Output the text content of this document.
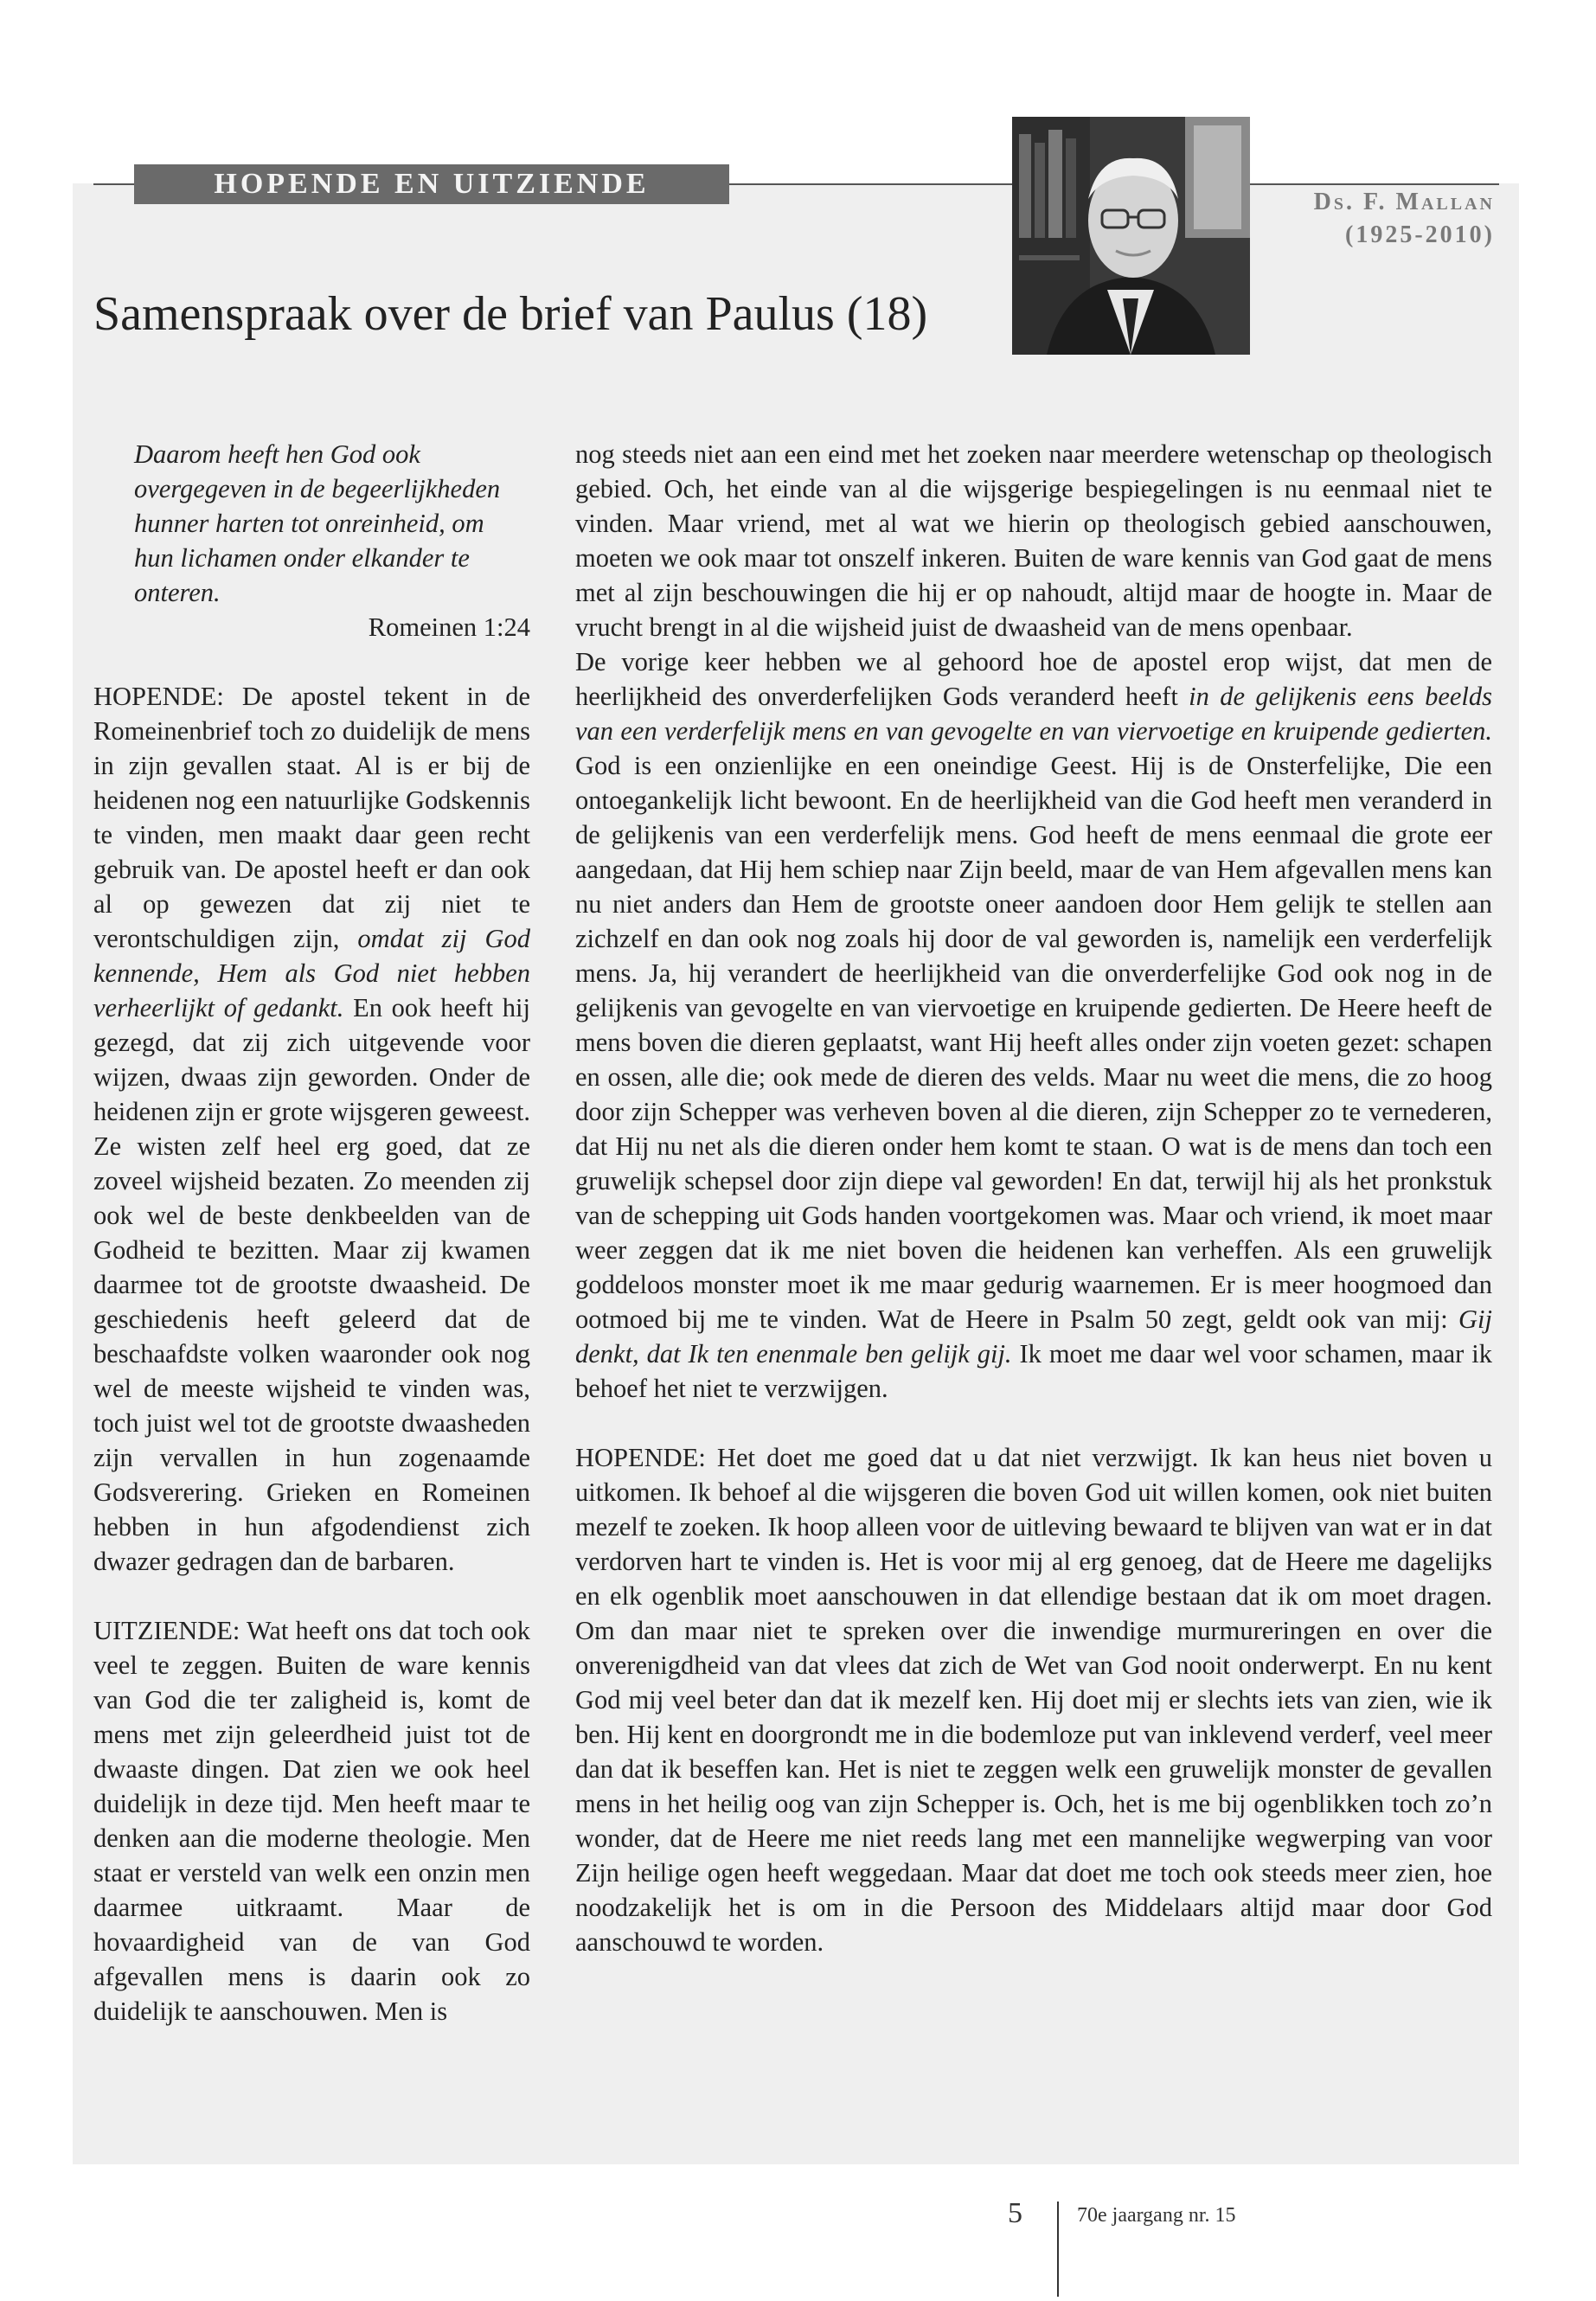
HOPENDE EN UITZIENDE
Ds. F. Mallan
(1925-2010)
Samenspraak over de brief van Paulus (18)

Daarom heeft hen God ook overgegeven in de begeerlijkheden hunner harten tot onreinheid, om hun lichamen onder elkander te onteren.

Romeinen 1:24

HOPENDE: De apostel tekent in de Romeinenbrief toch zo duidelijk de mens in zijn gevallen staat. Al is er bij de heidenen nog een natuurlijke Godskennis te vinden, men maakt daar geen recht gebruik van. De apostel heeft er dan ook al op gewezen dat zij niet te verontschuldigen zijn, omdat zij God kennende, Hem als God niet hebben verheerlijkt of gedankt. En ook heeft hij gezegd, dat zij zich uitgevende voor wijzen, dwaas zijn geworden. Onder de heidenen zijn er grote wijsgeren geweest. Ze wisten zelf heel erg goed, dat ze zoveel wijsheid bezaten. Zo meenden zij ook wel de beste denkbeelden van de Godheid te bezitten. Maar zij kwamen daarmee tot de grootste dwaasheid. De geschiedenis heeft geleerd dat de beschaafdste volken waaronder ook nog wel de meeste wijsheid te vinden was, toch juist wel tot de grootste dwaasheden zijn vervallen in hun zogenaamde Godsverering. Grieken en Romeinen hebben in hun afgodendienst zich dwazer gedragen dan de barbaren.

UITZIENDE: Wat heeft ons dat toch ook veel te zeggen. Buiten de ware kennis van God die ter zaligheid is, komt de mens met zijn geleerdheid juist tot de dwaaste dingen. Dat zien we ook heel duidelijk in deze tijd. Men heeft maar te denken aan die moderne theologie. Men staat er versteld van welk een onzin men daarmee uitkraamt. Maar de hovaardigheid van de van God afgevallen mens is daarin ook zo duidelijk te aanschouwen. Men is

nog steeds niet aan een eind met het zoeken naar meerdere wetenschap op theologisch gebied. Och, het einde van al die wijsgerige bespiegelingen is nu eenmaal niet te vinden. Maar vriend, met al wat we hierin op theologisch gebied aanschouwen, moeten we ook maar tot onszelf inkeren. Buiten de ware kennis van God gaat de mens met al zijn beschouwingen die hij er op nahoudt, altijd maar de hoogte in. Maar de vrucht brengt in al die wijsheid juist de dwaasheid van de mens openbaar.

De vorige keer hebben we al gehoord hoe de apostel erop wijst, dat men de heerlijkheid des onverderfelijken Gods veranderd heeft in de gelijkenis eens beelds van een verderfelijk mens en van gevogelte en van viervoetige en kruipende gedierten. God is een onzienlijke en een oneindige Geest. Hij is de Onsterfelijke, Die een ontoegankelijk licht bewoont. En de heerlijkheid van die God heeft men veranderd in de gelijkenis van een verderfelijk mens. God heeft de mens eenmaal die grote eer aangedaan, dat Hij hem schiep naar Zijn beeld, maar de van Hem afgevallen mens kan nu niet anders dan Hem de grootste oneer aandoen door Hem gelijk te stellen aan zichzelf en dan ook nog zoals hij door de val geworden is, namelijk een verderfelijk mens. Ja, hij verandert de heerlijkheid van die onverderfelijke God ook nog in de gelijkenis van gevogelte en van viervoetige en kruipende gedierten. De Heere heeft de mens boven die dieren geplaatst, want Hij heeft alles onder zijn voeten gezet: schapen en ossen, alle die; ook mede de dieren des velds. Maar nu weet die mens, die zo hoog door zijn Schepper was verheven boven al die dieren, zijn Schepper zo te vernederen, dat Hij nu net als die dieren onder hem komt te staan. O wat is de mens dan toch een gruwelijk schepsel door zijn diepe val geworden! En dat, terwijl hij als het pronkstuk van de schepping uit Gods handen voortgekomen was. Maar och vriend, ik moet maar weer zeggen dat ik me niet boven die heidenen kan verheffen. Als een gruwelijk goddeloos monster moet ik me maar gedurig waarnemen. Er is meer hoogmoed dan ootmoed bij me te vinden. Wat de Heere in Psalm 50 zegt, geldt ook van mij: Gij denkt, dat Ik ten enenmale ben gelijk gij. Ik moet me daar wel voor schamen, maar ik behoef het niet te verzwijgen.

HOPENDE: Het doet me goed dat u dat niet verzwijgt. Ik kan heus niet boven u uitkomen. Ik behoef al die wijsgeren die boven God uit willen komen, ook niet buiten mezelf te zoeken. Ik hoop alleen voor de uitleving bewaard te blijven van wat er in dat verdorven hart te vinden is. Het is voor mij al erg genoeg, dat de Heere me dagelijks en elk ogenblik moet aanschouwen in dat ellendige bestaan dat ik om moet dragen. Om dan maar niet te spreken over die inwendige murmureringen en over die onverenigdheid van dat vlees dat zich de Wet van God nooit onderwerpt. En nu kent God mij veel beter dan dat ik mezelf ken. Hij doet mij er slechts iets van zien, wie ik ben. Hij kent en doorgrondt me in die bodemloze put van inklevend verderf, veel meer dan dat ik beseffen kan. Het is niet te zeggen welk een gruwelijk monster de gevallen mens in het heilig oog van zijn Schepper is. Och, het is me bij ogenblikken toch zo’n wonder, dat de Heere me niet reeds lang met een mannelijke wegwerping van voor Zijn heilige ogen heeft weggedaan. Maar dat doet me toch ook steeds meer zien, hoe noodzakelijk het is om in die Persoon des Middelaars altijd maar door God aanschouwd te worden.

5	70e jaargang nr. 15
